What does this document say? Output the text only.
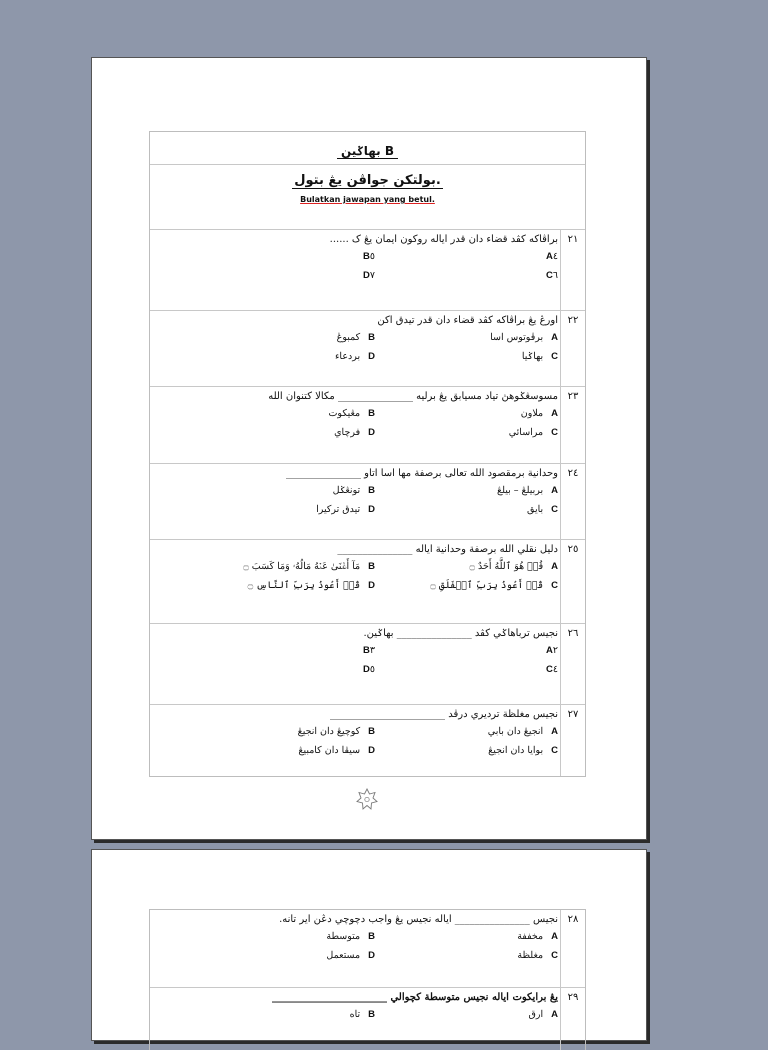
$_{بهاݢين B}$
بولتكن جواڤن يڠ بتول.
Bulatkan jawapan yang betul.
٢١
براڤاكه كڤد قضاء دان قدر اياله روکون ايمان يڠ ک ......
A٤
B٥
C٦
D٧
٢٢
اورڠ يڠ براڤاكه كڤد قضاء دان قدر تيدق اكن
Aبرڤوتوس اسا
Bكمبوڠ
Cبهاݢيا
Dبردعاء
٢٣
مسوسڠݢوهڽ تياد مسيابق يڠ برليه _______________ مكالا كتنوان الله
Aملاون
Bمڠيكوت
Cمراسائي
Dفرچاي
٢٤
وحدانية برمقصود الله تعالى برصفة مها اسا اتاو _______________
Aبربيلڠ – بيلڠ
Bتونڠݢل
Cبايق
Dتيدق ترکيرا
٢٥
دليل نقلي الله برصفة وحدانية اياله _______________
Aقُلۡ هُوَ ٱللَّهُ أَحَدٌ ۝
Bمَآ أَغۡنَىٰ عَنۡهُ مَالُهُۥ وَمَا كَسَبَ ۝
Cقُلۡ أَعُوذُ بِرَبِّ ٱلۡفَلَقِ ۝
Dقُلۡ أَعُوذُ بِرَبِّ ٱلنَّاسِ ۝
٢٦
نجيس ترباهاݢي كڤد _______________ بهاݢين.
A٢
B٣
C٤
D٥
٢٧
نجيس مغلظة ترديري درڤد _______________________
Aانجيڠ دان بابي
Bکوچيڠ دان انجيڠ
Cبوايا دان انجيڠ
Dسيڤا دان کامبيڠ
٢٨
نجيس _______________ اياله نجيس يڠ واجب دچوچي دڠن اير تانه.
Aمخففة
Bمتوسطة
Cمغلظة
Dمستعمل
٢٩
يڠ برايكوت اياله نجيس متوسطة کچوالي _______________________
Aارق
Bتاه
